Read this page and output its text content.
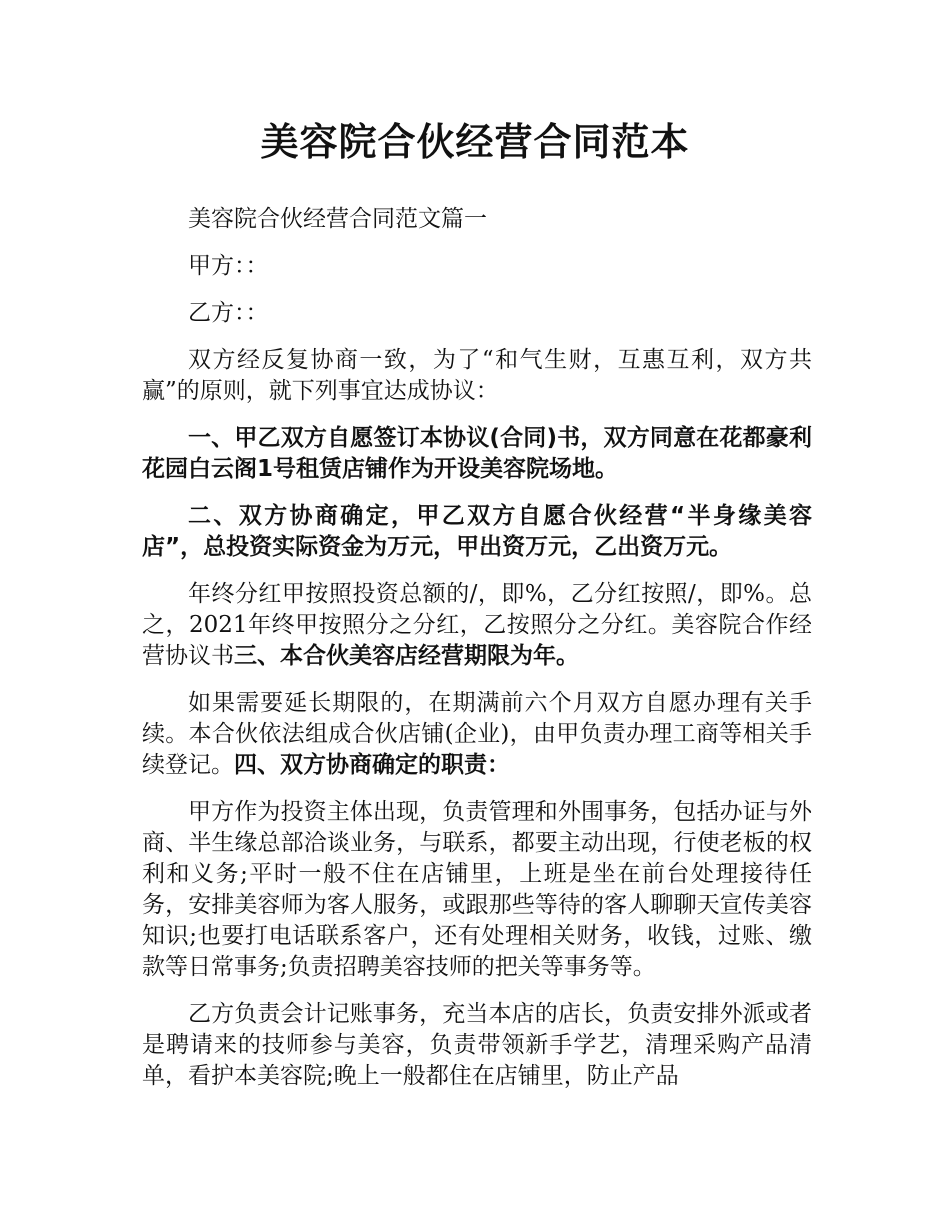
美容院合伙经营合同范本

美容院合伙经营合同范文篇一

甲方：：

乙方：：

双方经反复协商一致，为了“和气生财，互惠互利，双方共赢”的原则，就下列事宜达成协议：

一、甲乙双方自愿签订本协议(合同)书，双方同意在花都豪利花园白云阁1号租赁店铺作为开设美容院场地。

二、双方协商确定，甲乙双方自愿合伙经营“半身缘美容店”，总投资实际资金为万元，甲出资万元，乙出资万元。

年终分红甲按照投资总额的/，即%，乙分红按照/，即%。总之，2021年终甲按照分之分红，乙按照分之分红。美容院合作经营协议书三、本合伙美容店经营期限为年。

如果需要延长期限的，在期满前六个月双方自愿办理有关手续。本合伙依法组成合伙店铺(企业)，由甲负责办理工商等相关手续登记。四、双方协商确定的职责：

甲方作为投资主体出现，负责管理和外围事务，包括办证与外商、半生缘总部洽谈业务，与联系，都要主动出现，行使老板的权利和义务;平时一般不住在店铺里，上班是坐在前台处理接待任务，安排美容师为客人服务，或跟那些等待的客人聊聊天宣传美容知识;也要打电话联系客户，还有处理相关财务，收钱，过账、缴款等日常事务;负责招聘美容技师的把关等事务等。

乙方负责会计记账事务，充当本店的店长，负责安排外派或者是聘请来的技师参与美容，负责带领新手学艺，清理采购产品清单，看护本美容院;晚上一般都住在店铺里，防止产品
